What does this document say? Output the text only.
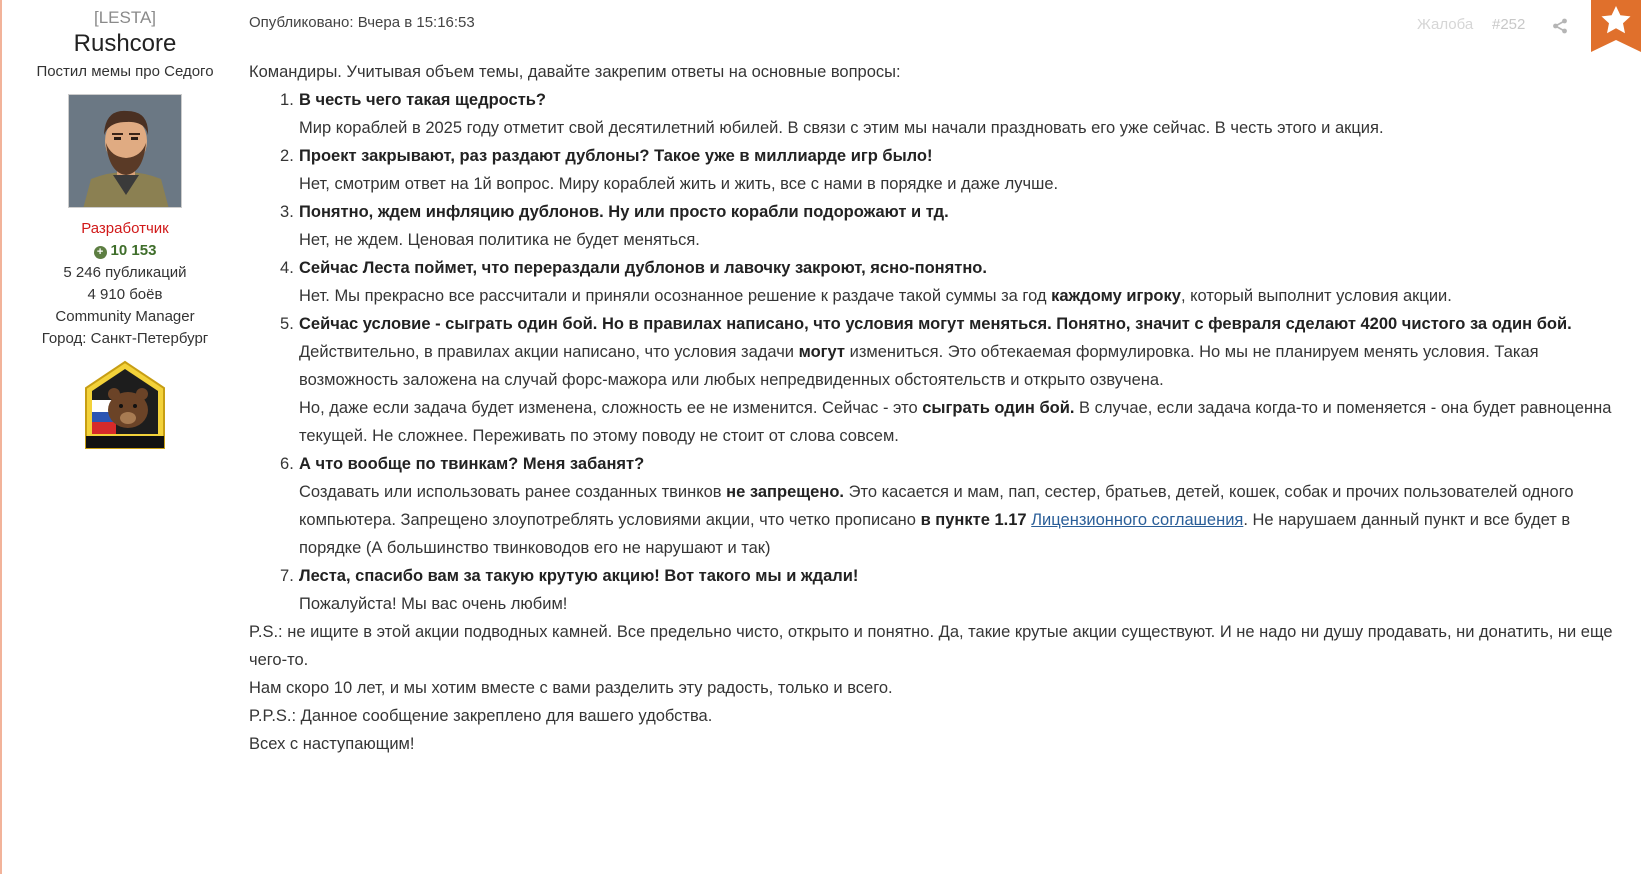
[LESTA]
Rushcore
Постил мемы про Седого
Разработчик
+ 10 153
5 246 публикаций
4 910 боёв
Community Manager
Город: Санкт-Петербург
Опубликовано: Вчера в 15:16:53	Жалоба #252

Командиры. Учитывая объем темы, давайте закрепим ответы на основные вопросы:

В честь чего такая щедрость?
Мир кораблей в 2025 году отметит свой десятилетний юбилей. В связи с этим мы начали праздновать его уже сейчас. В честь этого и акция.
Проект закрывают, раз раздают дублоны? Такое уже в миллиарде игр было!
Нет, смотрим ответ на 1й вопрос. Миру кораблей жить и жить, все с нами в порядке и даже лучше.
Понятно, ждем инфляцию дублонов. Ну или просто корабли подорожают и тд.
Нет, не ждем. Ценовая политика не будет меняться.
Сейчас Леста поймет, что перераздали дублонов и лавочку закроют, ясно-понятно.
Нет. Мы прекрасно все рассчитали и приняли осознанное решение к раздаче такой суммы за год каждому игроку, который выполнит условия акции.
Сейчас условие - сыграть один бой. Но в правилах написано, что условия могут меняться. Понятно, значит с февраля сделают 4200 чистого за один бой.
Действительно, в правилах акции написано, что условия задачи могут измениться. Это обтекаемая формулировка. Но мы не планируем менять условия. Такая возможность заложена на случай форс-мажора или любых непредвиденных обстоятельств и открыто озвучена.
Но, даже если задача будет изменена, сложность ее не изменится. Сейчас - это сыграть один бой. В случае, если задача когда-то и поменяется - она будет равноценна текущей. Не сложнее. Переживать по этому поводу не стоит от слова совсем.
А что вообще по твинкам? Меня забанят?
Создавать или использовать ранее созданных твинков не запрещено. Это касается и мам, пап, сестер, братьев, детей, кошек, собак и прочих пользователей одного компьютера. Запрещено злоупотреблять условиями акции, что четко прописано в пункте 1.17 Лицензионного соглашения. Не нарушаем данный пункт и все будет в порядке (А большинство твинководов его не нарушают и так)
Леста, спасибо вам за такую крутую акцию! Вот такого мы и ждали!
Пожалуйста! Мы вас очень любим!

P.S.: не ищите в этой акции подводных камней. Все предельно чисто, открыто и понятно. Да, такие крутые акции существуют. И не надо ни душу продавать, ни донатить, ни еще чего-то.

Нам скоро 10 лет, и мы хотим вместе с вами разделить эту радость, только и всего.

P.P.S.: Данное сообщение закреплено для вашего удобства.

Всех с наступающим!
